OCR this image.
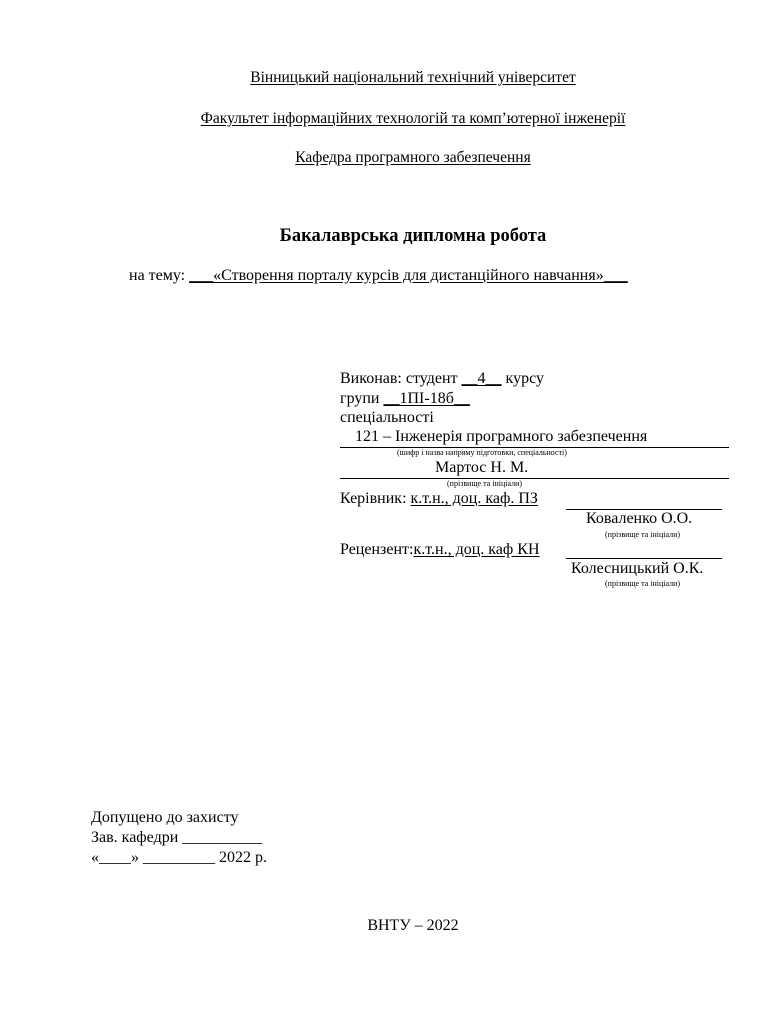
Вінницький національний технічний університет
Факультет інформаційних технологій та комп’ютерної інженерії
Кафедра програмного забезпечення
Бакалаврська дипломна робота
на тему: ___«Створення порталу курсів для дистанційного навчання»___
Виконав: студент __4__ курсу
групи __1ПІ-18б__
спеціальності
121 – Інженерія програмного забезпечення
(шифр і назва напряму підготовки, спеціальності)
Мартос Н. М.
(прізвище та ініціали)
Керівник: к.т.н., доц. каф. ПЗ
Коваленко О.О.
(прізвище та ініціали)
Рецензент:к.т.н., доц. каф КН
Колесницький О.К.
(прізвище та ініціали)
Допущено до захисту
Зав. кафедри __________
«____» _________ 2022 р.
ВНТУ – 2022
